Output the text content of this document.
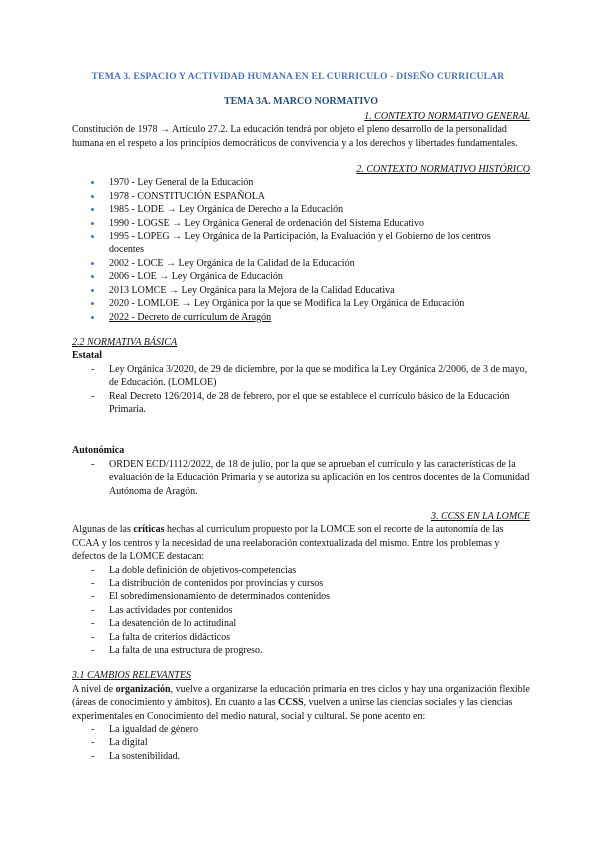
TEMA 3. ESPACIO Y ACTIVIDAD HUMANA EN EL CURRICULO - DISEÑO CURRICULAR
TEMA 3A. MARCO NORMATIVO
1. CONTEXTO NORMATIVO GENERAL

Constitución de 1978 → Artículo 27.2. La educación tendrá por objeto el pleno desarrollo de la personalidad humana en el respeto a los principios democráticos de convivencia y a los derechos y libertades fundamentales.

2. CONTEXTO NORMATIVO HISTÓRICO
1970 - Ley General de la Educación
1978 - CONSTITUCIÓN ESPAÑOLA
1985 - LODE → Ley Orgánica de Derecho a la Educación
1990 - LOGSE → Ley Orgánica General de ordenación del Sistema Educativo
1995 - LOPEG → Ley Orgánica de la Participación, la Evaluación y el Gobierno de los centros docentes
2002 - LOCE → Ley Orgánica de la Calidad de la Educación
2006 - LOE → Ley Orgánica de Educación
2013 LOMCE → Ley Orgánica para la Mejora de la Calidad Educativa
2020 - LOMLOE → Ley Orgánica por la que se Modifica la Ley Orgánica de Educación
2022 - Decreto de currículum de Aragón
2.2 NORMATIVA BÁSICA
Estatal
- Ley Orgánica 3/2020, de 29 de diciembre, por la que se modifica la Ley Orgánica 2/2006, de 3 de mayo, de Educación. (LOMLOE)
- Real Decreto 126/2014, de 28 de febrero, por el que se establece el currículo básico de la Educación Primaria.
Autonómica
- ORDEN ECD/1112/2022, de 18 de julio, por la que se aprueban el currículo y las características de la evaluación de la Educación Primaria y se autoriza su aplicación en los centros docentes de la Comunidad Autónoma de Aragón.
3. CCSS EN LA LOMCE

Algunas de las críticas hechas al curriculum propuesto por la LOMCE son el recorte de la autonomía de las CCAA y los centros y la necesidad de una reelaboración contextualizada del mismo. Entre los problemas y defectos de la LOMCE destacan:

- La doble definición de objetivos-competencias
- La distribución de contenidos por provincias y cursos
- El sobredimensionamiento de determinados contenidos
- Las actividades por contenidos
- La desatención de lo actitudinal
- La falta de criterios didácticos
- La falta de una estructura de progreso.
3.1 CAMBIOS RELEVANTES

A nivel de organización, vuelve a organizarse la educación primaria en tres ciclos y hay una organización flexible (áreas de conocimiento y ámbitos). En cuanto a las CCSS, vuelven a unirse las ciencias sociales y las ciencias experimentales en Conocimiento del medio natural, social y cultural. Se pone acento en:

- La igualdad de género
- La digital
- La sostenibilidad.
